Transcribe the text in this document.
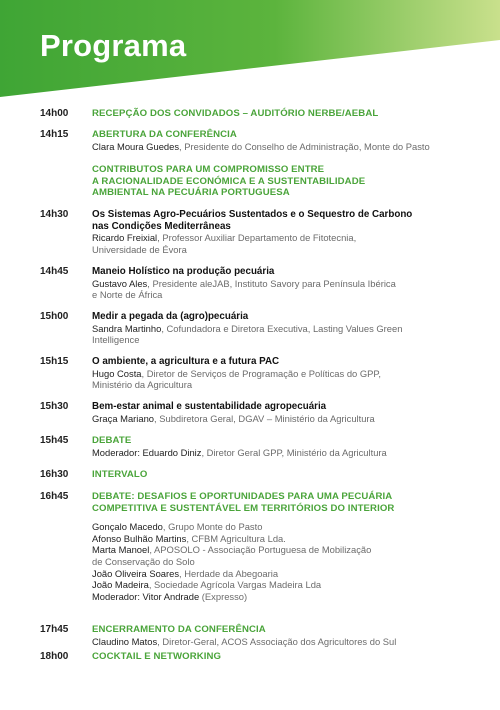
Programa
14h00	RECEPÇÃO DOS CONVIDADOS – AUDITÓRIO NERBE/AEBAL
14h15	ABERTURA DA CONFERÊNCIA
Clara Moura Guedes, Presidente do Conselho de Administração, Monte do Pasto
CONTRIBUTOS PARA UM COMPROMISSO ENTRE
A RACIONALIDADE ECONÓMICA E A SUSTENTABILIDADE
AMBIENTAL NA PECUÁRIA PORTUGUESA
14h30	Os Sistemas Agro-Pecuários Sustentados e o Sequestro de Carbono
nas Condições Mediterrâneas
Ricardo Freixial, Professor Auxiliar Departamento de Fitotecnia,
Universidade de Évora
14h45	Maneio Holístico na produção pecuária
Gustavo Ales, Presidente aleJAB, Instituto Savory para Península Ibérica
e Norte de África
15h00	Medir a pegada da (agro)pecuária
Sandra Martinho, Cofundadora e Diretora Executiva, Lasting Values Green
Intelligence
15h15	O ambiente, a agricultura e a futura PAC
Hugo Costa, Diretor de Serviços de Programação e Políticas do GPP,
Ministério da Agricultura
15h30	Bem-estar animal e sustentabilidade agropecuária
Graça Mariano, Subdiretora Geral, DGAV – Ministério da Agricultura
15h45	DEBATE
Moderador: Eduardo Diniz, Diretor Geral GPP, Ministério da Agricultura
16h30	INTERVALO
16h45	DEBATE: DESAFIOS E OPORTUNIDADES PARA UMA PECUÁRIA
COMPETITIVA E SUSTENTÁVEL EM TERRITÓRIOS DO INTERIOR
Gonçalo Macedo, Grupo Monte do Pasto
Afonso Bulhão Martins, CFBM Agricultura Lda.
Marta Manoel, APOSOLO - Associação Portuguesa de Mobilização
de Conservação do Solo
João Oliveira Soares, Herdade da Abegoaria
João Madeira, Sociedade Agrícola Vargas Madeira Lda
Moderador: Vitor Andrade (Expresso)
17h45	ENCERRAMENTO DA CONFERÊNCIA
Claudino Matos, Diretor-Geral, ACOS Associação dos Agricultores do Sul
18h00	COCKTAIL E NETWORKING
